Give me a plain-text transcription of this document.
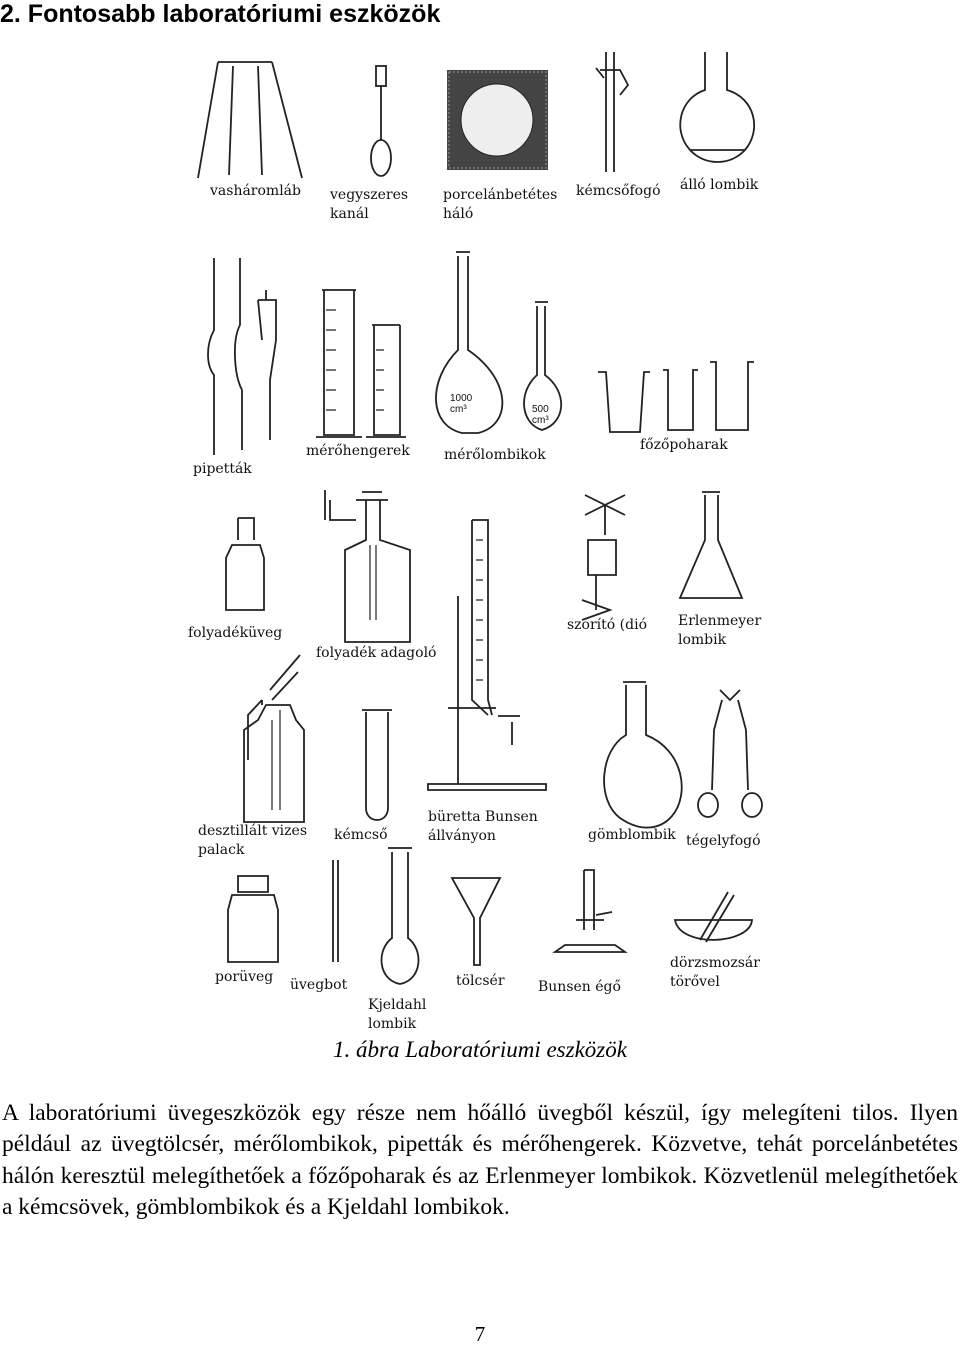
2. Fontosabb laboratóriumi eszközök
vasháromláb vegyszeres
kanál
porcelánbetétes
háló
kémcsőfogó álló lombik
pipetták
mérőhengerek mérőlombikok
főzőpoharak
1000
cm³	500
cm³
folyadéküveg
folyadék adagoló
szorító (dió Erlenmeyer
lombik
desztillált vizes
palack
kémcső
büretta Bunsen
állványon	gömblombik tégelyfogó
porüveg üvegbot
Kjeldahl
lombik
tölcsér Bunsen égő
dörzsmozsár
törővel
1. ábra Laboratóriumi eszközök
A laboratóriumi üvegeszközök egy része nem hőálló üvegből készül, így melegíteni tilos. Ilyen például az üvegtölcsér, mérőlombikok, pipetták és mérőhengerek. Közvetve, tehát porcelánbetétes hálón keresztül melegíthetőek a főzőpoharak és az Erlenmeyer lombikok. Közvetlenül melegíthetőek a kémcsövek, gömblombikok és a Kjeldahl lombikok.
7
